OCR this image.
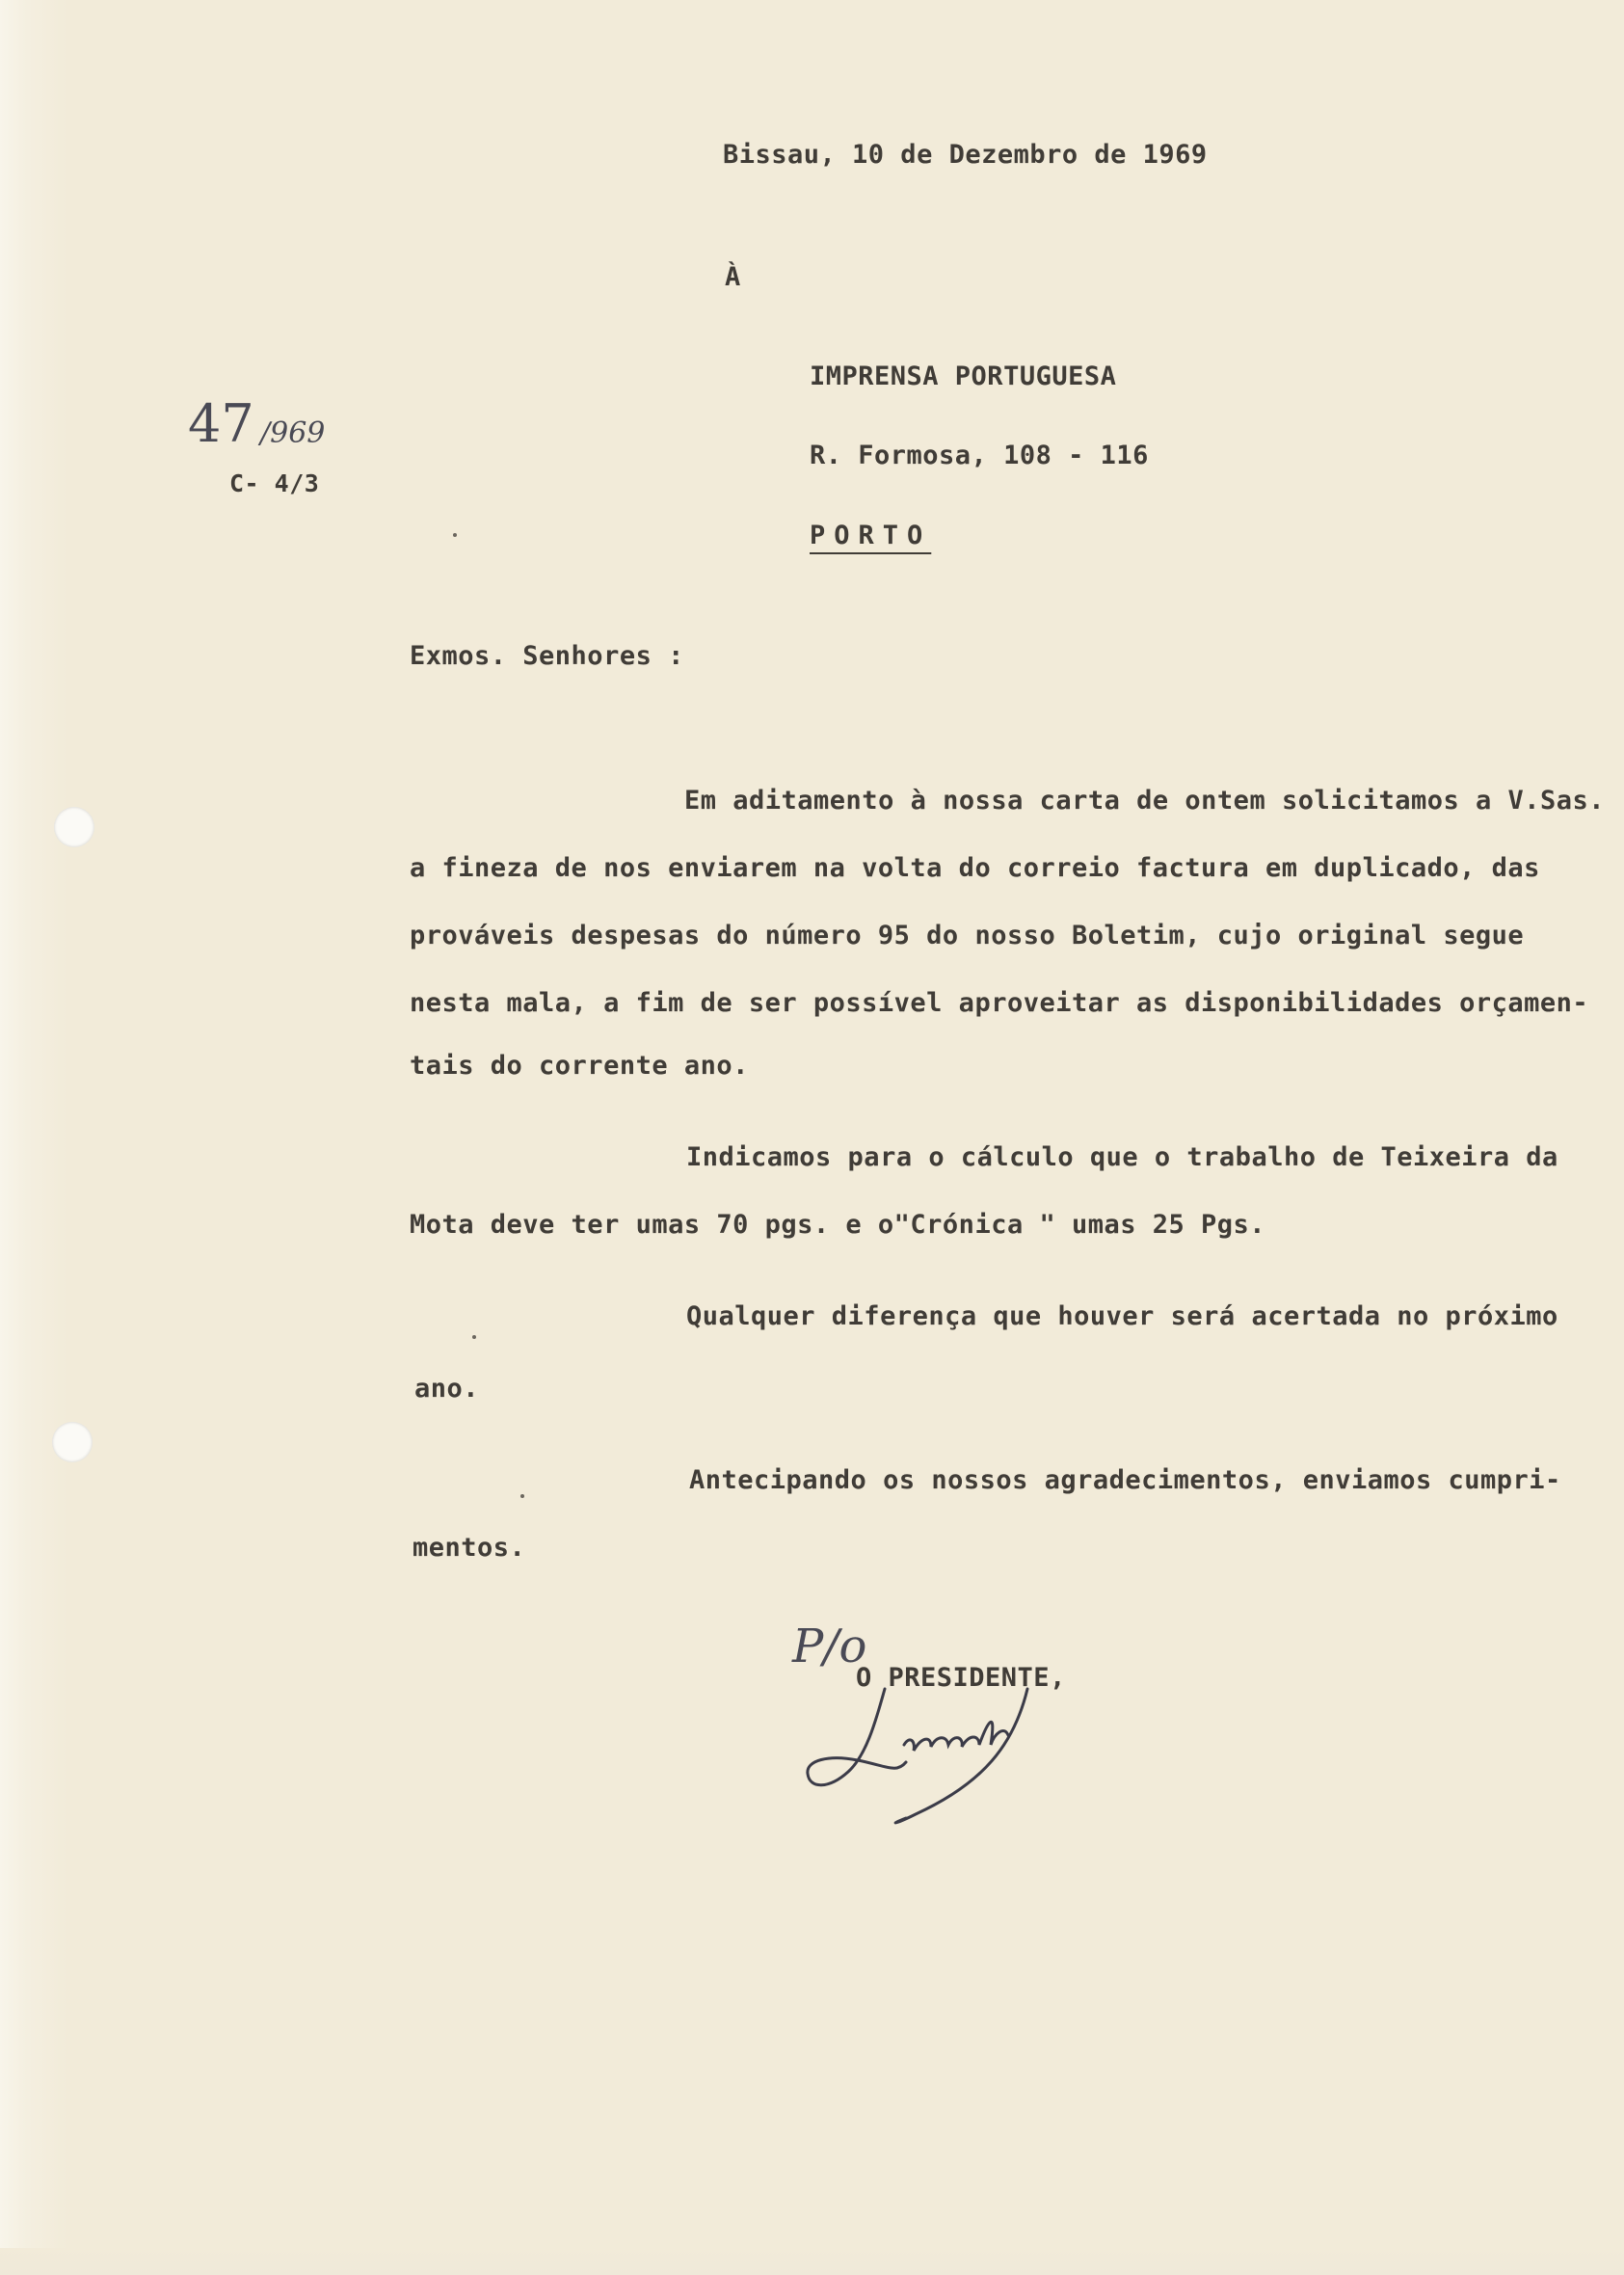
Bissau, 10 de Dezembro de 1969
À
IMPRENSA PORTUGUESA
R. Formosa, 108 - 116
PORTO
47 /969
C- 4/3
Exmos. Senhores :
Em aditamento à nossa carta de ontem solicitamos a V.Sas.
a fineza de nos enviarem na volta do correio factura em duplicado, das
prováveis despesas do número 95 do nosso Boletim, cujo original segue
nesta mala, a fim de ser possível aproveitar as disponibilidades orçamen-
tais do corrente ano.
Indicamos para o cálculo que o trabalho de Teixeira da
Mota deve ter umas 70 pgs. e o"Crónica " umas 25 Pgs.
Qualquer diferença que houver será acertada no próximo
ano.
Antecipando os nossos agradecimentos, enviamos cumpri-
mentos.
P/o
O PRESIDENTE,
